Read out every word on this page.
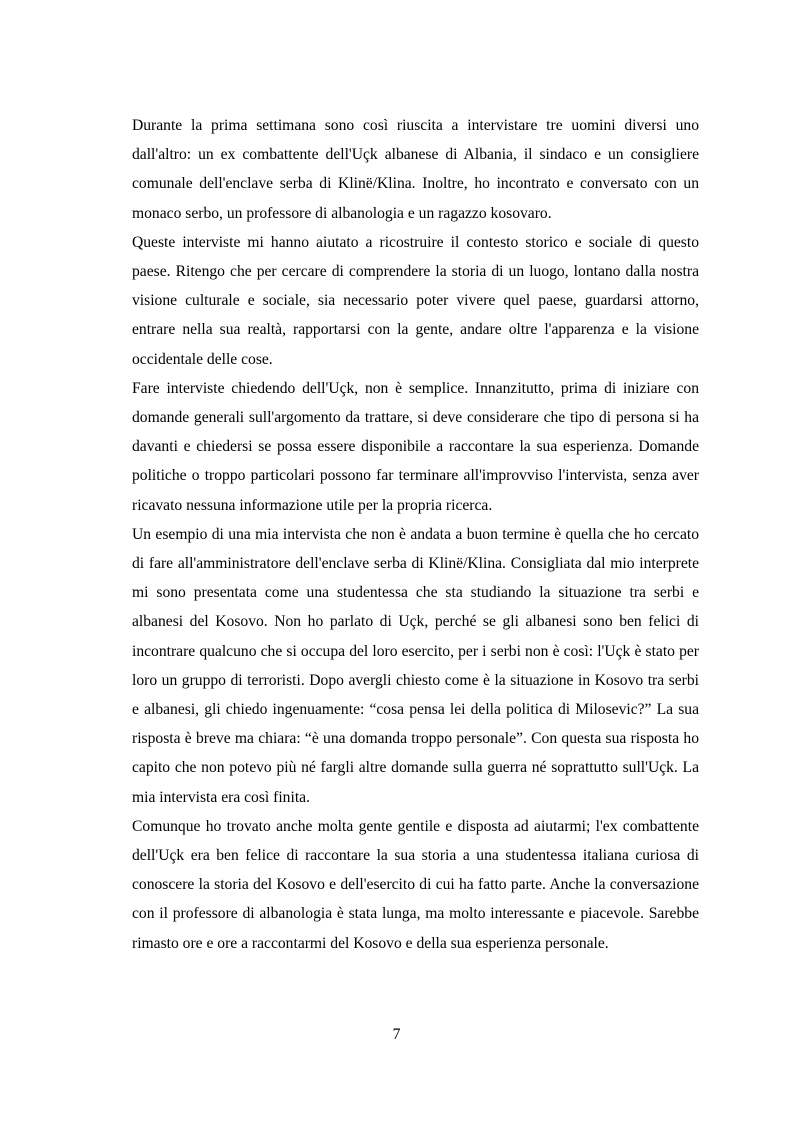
Durante la prima settimana sono così riuscita a intervistare tre uomini diversi uno dall'altro: un ex combattente dell'Uçk albanese di Albania, il sindaco e un consigliere comunale dell'enclave serba di Klinë/Klina. Inoltre, ho incontrato e conversato con un monaco serbo, un professore di albanologia e un ragazzo kosovaro.

Queste interviste mi hanno aiutato a ricostruire il contesto storico e sociale di questo paese. Ritengo che per cercare di comprendere la storia di un luogo, lontano dalla nostra visione culturale e sociale, sia necessario poter vivere quel paese, guardarsi attorno, entrare nella sua realtà, rapportarsi con la gente, andare oltre l'apparenza e la visione occidentale delle cose.

Fare interviste chiedendo dell'Uçk, non è semplice. Innanzitutto, prima di iniziare con domande generali sull'argomento da trattare, si deve considerare che tipo di persona si ha davanti e chiedersi se possa essere disponibile a raccontare la sua esperienza. Domande politiche o troppo particolari possono far terminare all'improvviso l'intervista, senza aver ricavato nessuna informazione utile per la propria ricerca.

Un esempio di una mia intervista che non è andata a buon termine è quella che ho cercato di fare all'amministratore dell'enclave serba di Klinë/Klina. Consigliata dal mio interprete mi sono presentata come una studentessa che sta studiando la situazione tra serbi e albanesi del Kosovo. Non ho parlato di Uçk, perché se gli albanesi sono ben felici di incontrare qualcuno che si occupa del loro esercito, per i serbi non è così: l'Uçk è stato per loro un gruppo di terroristi. Dopo avergli chiesto come è la situazione in Kosovo tra serbi e albanesi, gli chiedo ingenuamente: “cosa pensa lei della politica di Milosevic?” La sua risposta è breve ma chiara: “è una domanda troppo personale”. Con questa sua risposta ho capito che non potevo più né fargli altre domande sulla guerra né soprattutto sull'Uçk. La mia intervista era così finita.

Comunque ho trovato anche molta gente gentile e disposta ad aiutarmi; l'ex combattente dell'Uçk era ben felice di raccontare la sua storia a una studentessa italiana curiosa di conoscere la storia del Kosovo e dell'esercito di cui ha fatto parte. Anche la conversazione con il professore di albanologia è stata lunga, ma molto interessante e piacevole. Sarebbe rimasto ore e ore a raccontarmi del Kosovo e della sua esperienza personale.

7
